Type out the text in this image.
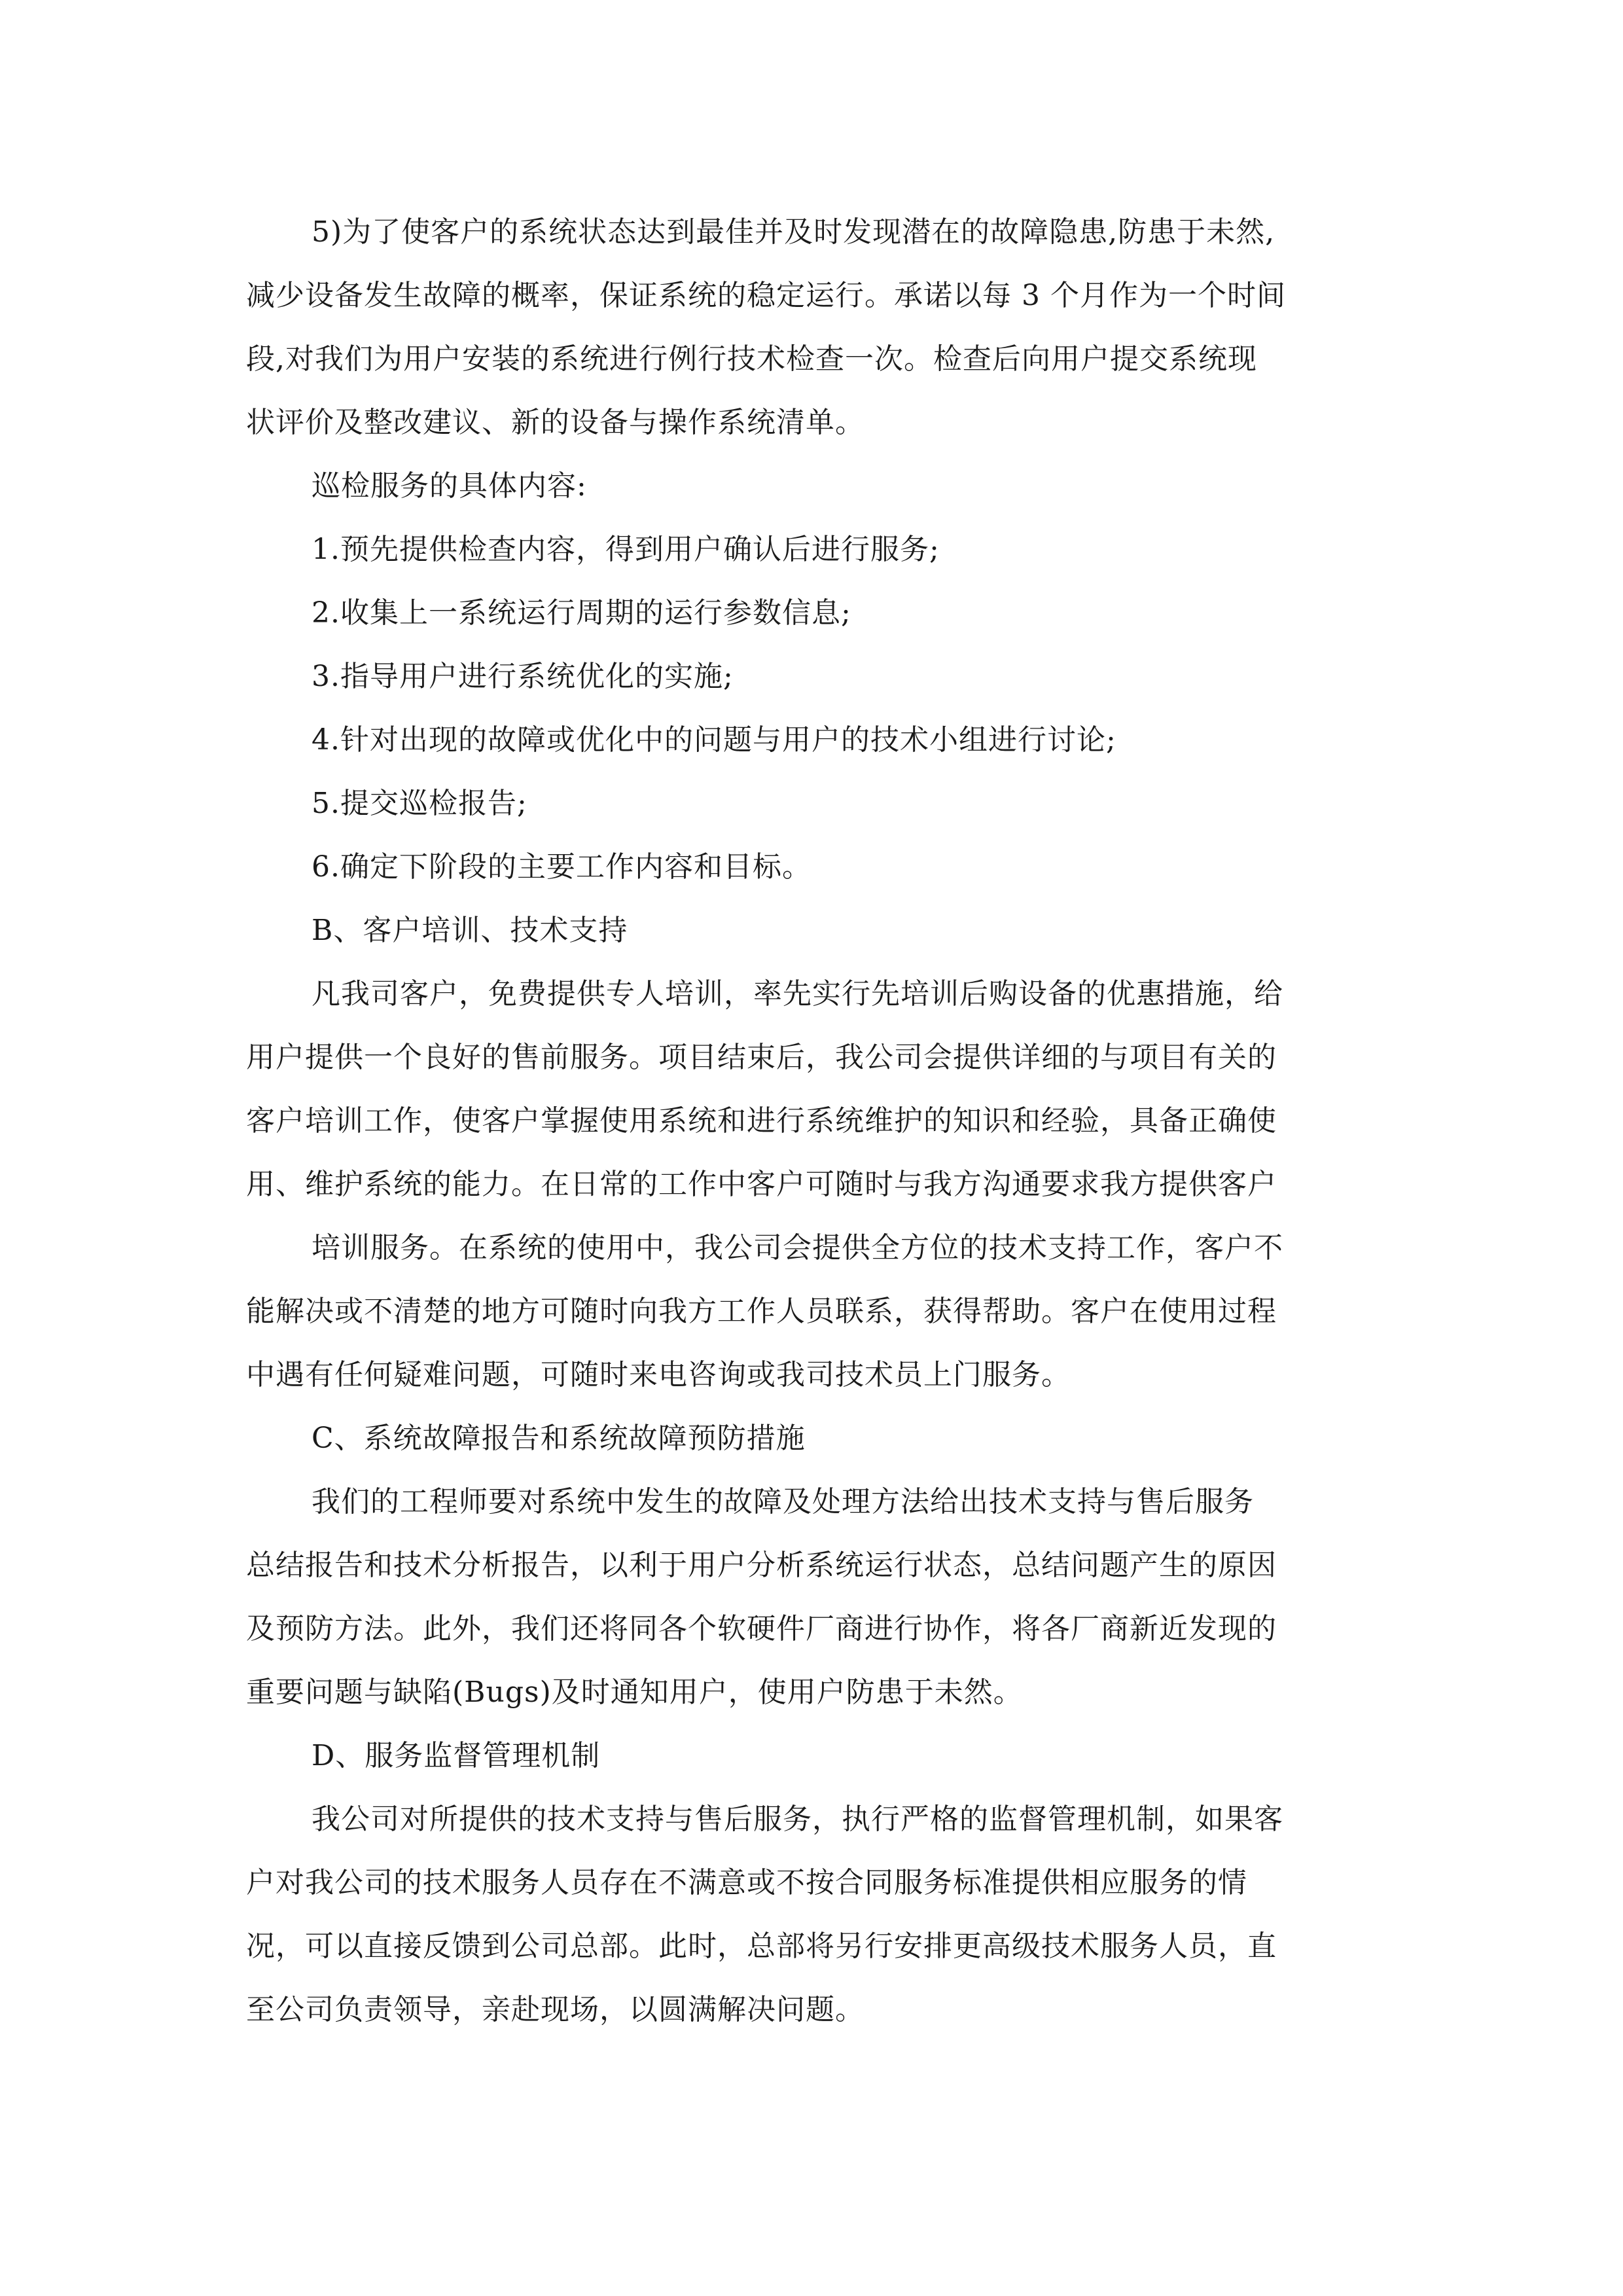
5)为了使客户的系统状态达到最佳并及时发现潜在的故障隐患,防患于未然,

减少设备发生故障的概率，保证系统的稳定运行。承诺以每 3 个月作为一个时间

段,对我们为用户安装的系统进行例行技术检查一次。检查后向用户提交系统现

状评价及整改建议、新的设备与操作系统清单。

巡检服务的具体内容:

1.预先提供检查内容，得到用户确认后进行服务;

2.收集上一系统运行周期的运行参数信息;

3.指导用户进行系统优化的实施;

4.针对出现的故障或优化中的问题与用户的技术小组进行讨论;

5.提交巡检报告;

6.确定下阶段的主要工作内容和目标。

B、客户培训、技术支持

凡我司客户，免费提供专人培训，率先实行先培训后购设备的优惠措施，给

用户提供一个良好的售前服务。项目结束后，我公司会提供详细的与项目有关的

客户培训工作，使客户掌握使用系统和进行系统维护的知识和经验，具备正确使

用、维护系统的能力。在日常的工作中客户可随时与我方沟通要求我方提供客户

培训服务。在系统的使用中，我公司会提供全方位的技术支持工作，客户不

能解决或不清楚的地方可随时向我方工作人员联系，获得帮助。客户在使用过程

中遇有任何疑难问题，可随时来电咨询或我司技术员上门服务。

C、系统故障报告和系统故障预防措施

我们的工程师要对系统中发生的故障及处理方法给出技术支持与售后服务

总结报告和技术分析报告，以利于用户分析系统运行状态，总结问题产生的原因

及预防方法。此外，我们还将同各个软硬件厂商进行协作，将各厂商新近发现的

重要问题与缺陷(Bugs)及时通知用户，使用户防患于未然。

D、服务监督管理机制

我公司对所提供的技术支持与售后服务，执行严格的监督管理机制，如果客

户对我公司的技术服务人员存在不满意或不按合同服务标准提供相应服务的情

况，可以直接反馈到公司总部。此时，总部将另行安排更高级技术服务人员，直

至公司负责领导，亲赴现场，以圆满解决问题。
